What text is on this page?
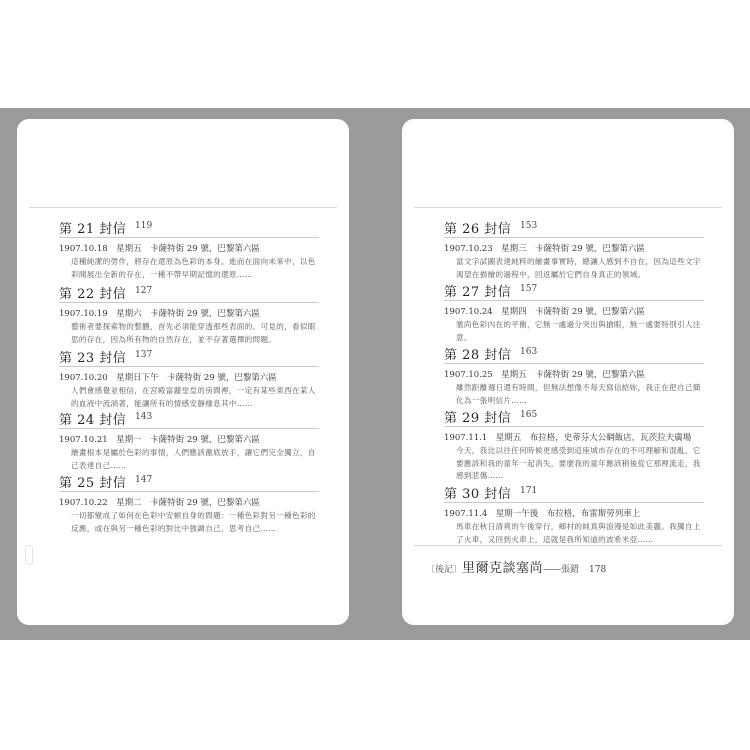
第 21 封信 119
1907.10.18　星期五　卡薩特街 29 號，巴黎第六區
這種純潔的勞作，將存在還原為色彩的本身。進而在面向未來中，以色彩開展出全新的存在，一種不帶早期記憶的還原……
第 22 封信 127
1907.10.19　星期六　卡薩特街 29 號，巴黎第六區
藝術者要探索物的整體，首先必須能穿透那些表面的、可見的，看似眼思的存在，因為所有物的自然存在，並不存著選擇的問題。
第 23 封信 137
1907.10.20　星期日下午　卡薩特街 29 號，巴黎第六區
人們會感覺並相信，在宮殿富麗堂皇的房間裡，一定有某些東西在某人的血液中流淌著，能讓所有的情感安靜棲息其中……
第 24 封信 143
1907.10.21　星期一　卡薩特街 29 號，巴黎第六區
繪畫根本是屬於色彩的事情，人們應該徹底放手，讓它們完全獨立，自己表達自己……
第 25 封信 147
1907.10.22　星期二　卡薩特街 29 號，巴黎第六區
一切都變成了如何在色彩中安頓自身的問題：一種色彩對另一種色彩的反應，或在與另一種色彩的對比中強調自己，思考自己……
第 26 封信 153
1907.10.23　星期三　卡薩特街 29 號，巴黎第六區
當文字試圖表達純粹的繪畫事實時，總讓人感到不自在，因為這些文字渴望在描繪的過程中，回返屬於它們自身真正的領域。
第 27 封信 157
1907.10.24　星期四　卡薩特街 29 號，巴黎第六區
塞尚色彩內在的平衡，它無一處過分突出與搶眼，無一處要特別引人注意。
第 28 封信 163
1907.10.25　星期五　卡薩特街 29 號，巴黎第六區
雖然距離週日還有時間，但無法想像不每天寫信給妳，我正在把自己簡化為一張明信片……
第 29 封信 165
1907.11.1　星期五　布拉格，史蒂芬大公網飯店，瓦茨拉夫廣場
今天，我比以往任何時候更感受到這座城市存在的不可理解和混亂，它要應該和我的童年一起消失，要麼我的童年應該稍後從它那裡流走，我感到悲傷……
第 30 封信 171
1907.11.4　星期一午後　布拉格，布雷斯勞列車上
馬車在秋日清爽的午後穿行，鄉村的純真與浪漫是如此美麗。我獨自上了火車，又回到火車上，這就是我所知道的波希米亞……
〔後記〕里爾克談塞尚——張錯 178
